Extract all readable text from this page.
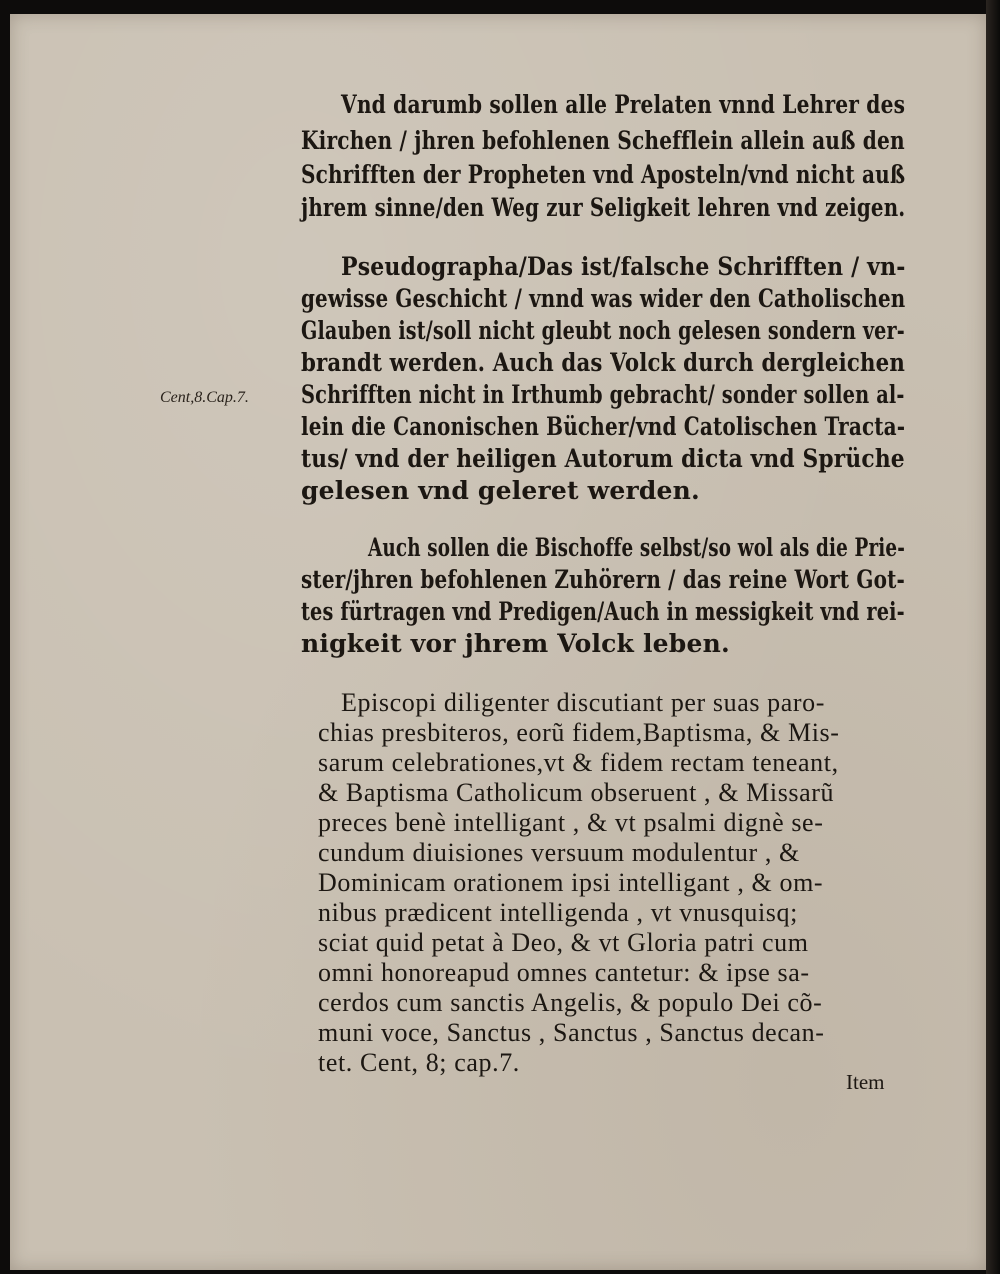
Vnd darumb sollen alle Prelaten vnnd Lehrer des
Kirchen / jhren befohlenen Schefflein allein auß den
Schrifften der Propheten vnd Aposteln/vnd nicht auß
jhrem sinne/den Weg zur Seligkeit lehren vnd zeigen.
Pseudographa/Das ist/falsche Schrifften / vn-
gewisse Geschicht / vnnd was wider den Catholischen
Glauben ist/soll nicht gleubt noch gelesen sondern ver-
brandt werden. Auch das Volck durch dergleichen
Schrifften nicht in Irthumb gebracht/ sonder sollen al-
lein die Canonischen Bücher/vnd Catolischen Tracta-
tus/ vnd der heiligen Autorum dicta vnd Sprüche
gelesen vnd geleret werden.
Cent,8.Cap.7.
Auch sollen die Bischoffe selbst/so wol als die Prie-
ster/jhren befohlenen Zuhörern / das reine Wort Got-
tes fürtragen vnd Predigen/Auch in messigkeit vnd rei-
nigkeit vor jhrem Volck leben.
Episcopi diligenter discutiant per suas paro-
chias presbiteros, eorũ fidem,Baptisma, & Mis-
sarum celebrationes,vt & fidem rectam teneant,
& Baptisma Catholicum obseruent , & Missarũ
preces benè intelligant , & vt psalmi dignè se-
cundum diuisiones versuum modulentur , &
Dominicam orationem ipsi intelligant , & om-
nibus prædicent intelligenda , vt vnusquisq;
sciat quid petat à Deo, & vt Gloria patri cum
omni honoreapud omnes cantetur: & ipse sa-
cerdos cum sanctis Angelis, & populo Dei cõ-
muni voce, Sanctus , Sanctus , Sanctus decan-
tet. Cent, 8; cap.7.
Item
